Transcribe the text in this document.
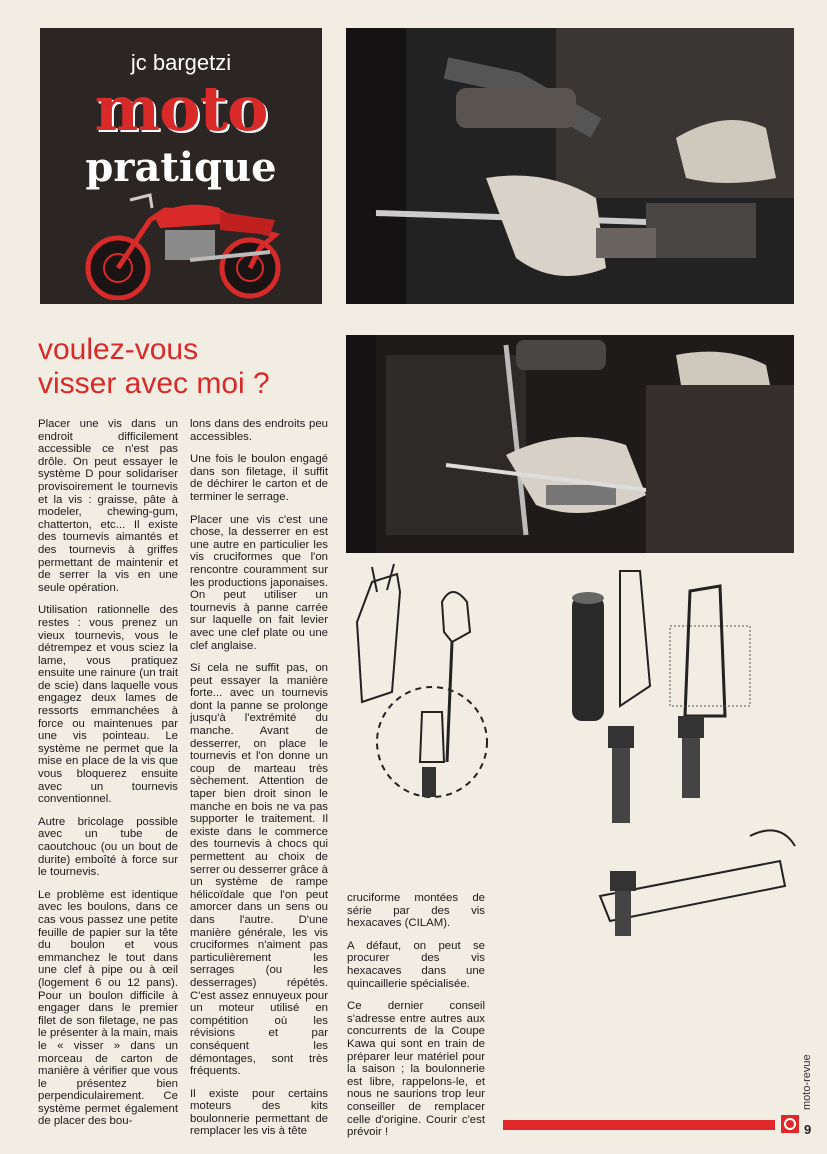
jc bargetzi
moto
pratique
voulez-vous
visser avec moi ?

Placer une vis dans un endroit difficilement accessible ce n'est pas drôle. On peut essayer le système D pour solidariser provisoirement le tournevis et la vis : graisse, pâte à modeler, chewing-gum, chatterton, etc... Il existe des tournevis aimantés et des tournevis à griffes permettant de maintenir et de serrer la vis en une seule opération.

Utilisation rationnelle des restes : vous prenez un vieux tournevis, vous le détrempez et vous sciez la lame, vous pratiquez ensuite une rainure (un trait de scie) dans laquelle vous engagez deux lames de ressorts emmanchées à force ou maintenues par une vis pointeau. Le système ne permet que la mise en place de la vis que vous bloquerez ensuite avec un tournevis conventionnel.

Autre bricolage possible avec un tube de caoutchouc (ou un bout de durite) emboîté à force sur le tournevis.

Le problème est identique avec les boulons, dans ce cas vous passez une petite feuille de papier sur la tête du boulon et vous emmanchez le tout dans une clef à pipe ou à œil (logement 6 ou 12 pans). Pour un boulon difficile à engager dans le premier filet de son filetage, ne pas le présenter à la main, mais le « visser » dans un morceau de carton de manière à vérifier que vous le présentez bien perpendiculairement. Ce système permet également de placer des bou-

lons dans des endroits peu accessibles.

Une fois le boulon engagé dans son filetage, il suffit de déchirer le carton et de terminer le serrage.

Placer une vis c'est une chose, la desserrer en est une autre en particulier les vis cruciformes que l'on rencontre couramment sur les productions japonaises. On peut utiliser un tournevis à panne carrée sur laquelle on fait levier avec une clef plate ou une clef anglaise.

Si cela ne suffit pas, on peut essayer la manière forte... avec un tournevis dont la panne se prolonge jusqu'à l'extrémité du manche. Avant de desserrer, on place le tournevis et l'on donne un coup de marteau très sèchement. Attention de taper bien droit sinon le manche en bois ne va pas supporter le traitement. Il existe dans le commerce des tournevis à chocs qui permettent au choix de serrer ou desserrer grâce à un système de rampe hélicoïdale que l'on peut amorcer dans un sens ou dans l'autre. D'une manière générale, les vis cruciformes n'aiment pas particulièrement les serrages (ou les desserrages) répétés. C'est assez ennuyeux pour un moteur utilisé en compétition où les révisions et par conséquent les démontages, sont très fréquents.

Il existe pour certains moteurs des kits boulonnerie permettant de remplacer les vis à tête

cruciforme montées de série par des vis hexacaves (CILAM).

A défaut, on peut se procurer des vis hexacaves dans une quincaillerie spécialisée.

Ce dernier conseil s'adresse entre autres aux concurrents de la Coupe Kawa qui sont en train de préparer leur matériel pour la saison ; la boulonnerie est libre, rappelons-le, et nous ne saurions trop leur conseiller de remplacer celle d'origine. Courir c'est prévoir !

moto-revue
9
